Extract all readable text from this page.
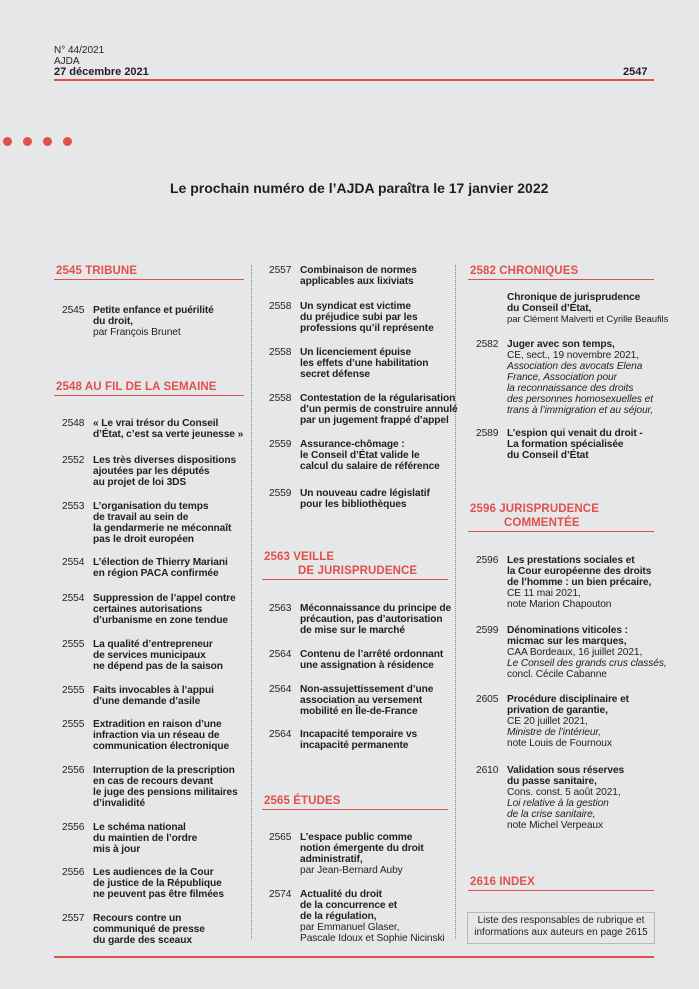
N° 44/2021
AJDA
27 décembre 2021	2547
Le prochain numéro de l’AJDA paraîtra le 17 janvier 2022
2545 TRIBUNE
2545 Petite enfance et puérilité
du droit,
par François Brunet
2548 AU FIL DE LA SEMAINE
2548 « Le vrai trésor du Conseil
d’État, c’est sa verte jeunesse »
2552 Les très diverses dispositions
ajoutées par les députés
au projet de loi 3DS
2553 L’organisation du temps
de travail au sein de
la gendarmerie ne méconnaît
pas le droit européen
2554 L’élection de Thierry Mariani
en région PACA confirmée
2554 Suppression de l’appel contre
certaines autorisations
d’urbanisme en zone tendue
2555 La qualité d’entrepreneur
de services municipaux
ne dépend pas de la saison
2555 Faits invocables à l’appui
d’une demande d’asile
2555 Extradition en raison d’une
infraction via un réseau de
communication électronique
2556 Interruption de la prescription
en cas de recours devant
le juge des pensions militaires
d’invalidité
2556 Le schéma national
du maintien de l’ordre
mis à jour
2556 Les audiences de la Cour
de justice de la République
ne peuvent pas être filmées
2557 Recours contre un
communiqué de presse
du garde des sceaux
2557 Combinaison de normes
applicables aux lixiviats
2558 Un syndicat est victime
du préjudice subi par les
professions qu’il représente
2558 Un licenciement épuise
les effets d’une habilitation
secret défense
2558 Contestation de la régularisation
d’un permis de construire annulé
par un jugement frappé d’appel
2559 Assurance-chômage :
le Conseil d’État valide le
calcul du salaire de référence
2559 Un nouveau cadre législatif
pour les bibliothèques
2563 VEILLE
DE JURISPRUDENCE
2563 Méconnaissance du principe de
précaution, pas d’autorisation
de mise sur le marché
2564 Contenu de l’arrêté ordonnant
une assignation à résidence
2564 Non-assujettissement d’une
association au versement
mobilité en Île-de-France
2564 Incapacité temporaire vs
incapacité permanente
2565 ÉTUDES
2565 L’espace public comme
notion émergente du droit
administratif,
par Jean-Bernard Auby
2574 Actualité du droit
de la concurrence et
de la régulation,
par Emmanuel Glaser,
Pascale Idoux et Sophie Nicinski
2582 CHRONIQUES
Chronique de jurisprudence
du Conseil d’État,
par Clément Malverti et Cyrille Beaufils
2582 Juger avec son temps,
CE, sect., 19 novembre 2021,
Association des avocats Elena
France, Association pour
la reconnaissance des droits
des personnes homosexuelles et
trans à l’immigration et au séjour,
2589 L’espion qui venait du droit -
La formation spécialisée
du Conseil d’État
2596 JURISPRUDENCE
COMMENTÉE
2596 Les prestations sociales et
la Cour européenne des droits
de l’homme : un bien précaire,
CE 11 mai 2021,
note Marion Chapouton
2599 Dénominations viticoles :
micmac sur les marques,
CAA Bordeaux, 16 juillet 2021,
Le Conseil des grands crus classés,
concl. Cécile Cabanne
2605 Procédure disciplinaire et
privation de garantie,
CE 20 juillet 2021,
Ministre de l’intérieur,
note Louis de Fournoux
2610 Validation sous réserves
du passe sanitaire,
Cons. const. 5 août 2021,
Loi relative à la gestion
de la crise sanitaire,
note Michel Verpeaux
2616 INDEX
Liste des responsables de rubrique et
informations aux auteurs en page 2615
